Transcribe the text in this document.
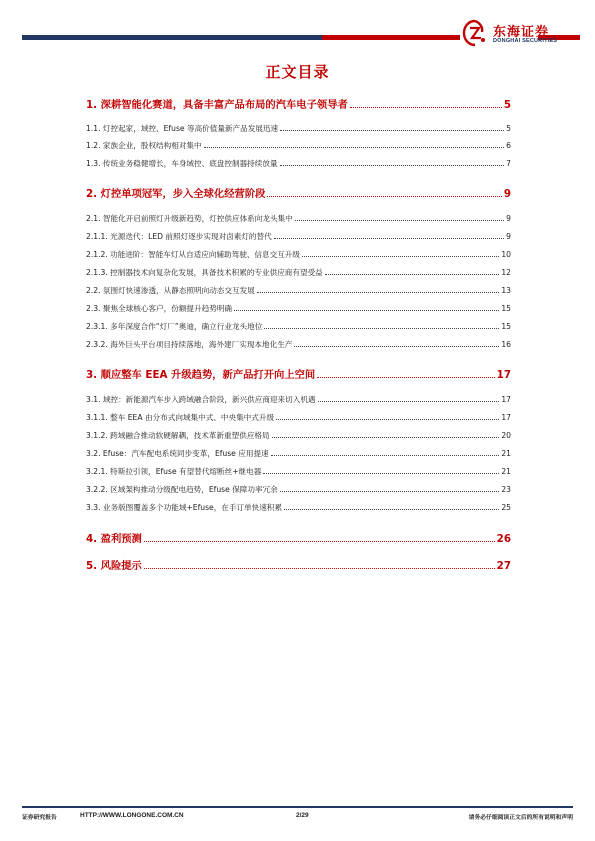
东海证券
DONGHAI SECURITIES
正文目录
1. 深耕智能化赛道，具备丰富产品布局的汽车电子领导者	5
1.1. 灯控起家，域控、Efuse 等高价值量新产品发展迅速	5
1.2. 家族企业，股权结构相对集中	6
1.3. 传统业务稳健增长，车身域控、底盘控制器持续放量	7
2. 灯控单项冠军，步入全球化经营阶段	9
2.1. 智能化开启前照灯升级新趋势，灯控供应体系向龙头集中	9
2.1.1. 光源迭代：LED 前照灯逐步实现对卤素灯的替代	9
2.1.2. 功能进阶：智能车灯从自适应向辅助驾驶、信息交互升级	10
2.1.3. 控制器技术向复杂化发展，具备技术积累的专业供应商有望受益	12
2.2. 氛围灯快速渗透，从静态照明向动态交互发展	13
2.3. 聚焦全球核心客户，份额提升趋势明确	15
2.3.1. 多年深度合作“灯厂”奥迪，确立行业龙头地位	15
2.3.2. 海外巨头平台项目持续落地，海外建厂实现本地化生产	16
3. 顺应整车 EEA 升级趋势，新产品打开向上空间	17
3.1. 域控：新能源汽车步入跨域融合阶段，新兴供应商迎来切入机遇	17
3.1.1. 整车 EEA 由分布式向域集中式、中央集中式升级	17
3.1.2. 跨域融合推动软硬解耦，技术革新重塑供应格局	20
3.2. Efuse：汽车配电系统同步变革，Efuse 应用提速	21
3.2.1. 特斯拉引领，Efuse 有望替代熔断丝+继电器	21
3.2.2. 区域架构推动分级配电趋势，Efuse 保障功率冗余	23
3.3. 业务版图覆盖多个功能域+Efuse，在手订单快速积累	25
4. 盈利预测	26
5. 风险提示	27
证券研究报告	HTTP://WWW.LONGONE.COM.CN	2/29	请务必仔细阅读正文后的所有说明和声明
